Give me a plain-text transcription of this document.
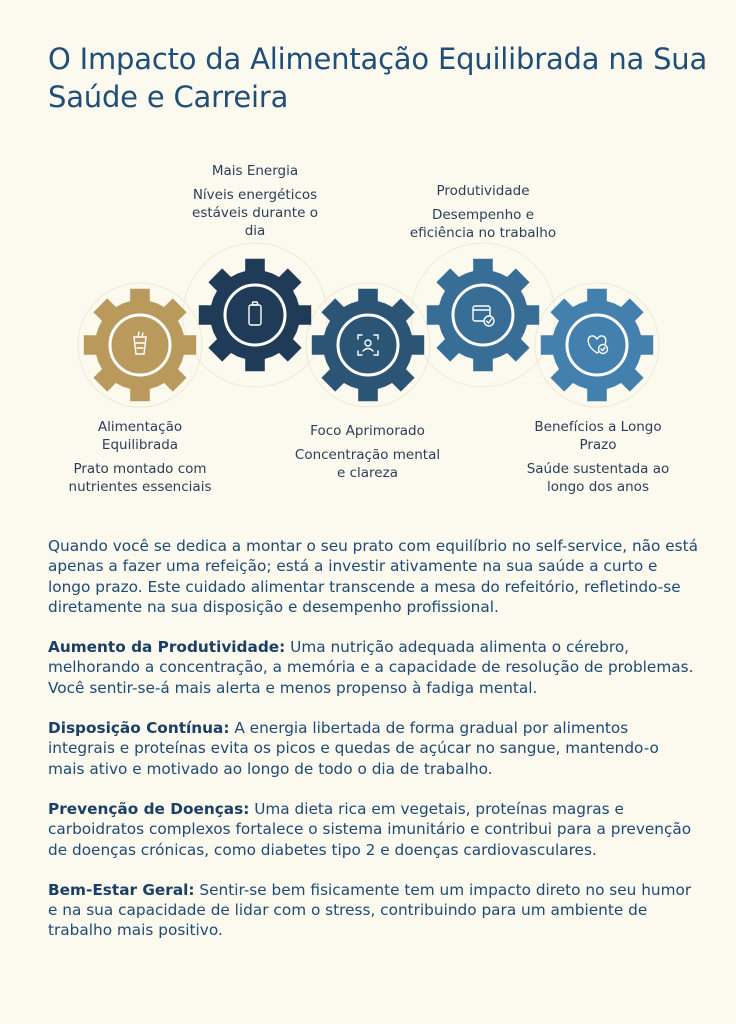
O Impacto da Alimentação Equilibrada na Sua Saúde e Carreira
Alimentação Equilibrada
Prato montado com nutrientes essenciais
Mais Energia
Níveis energéticos estáveis durante o dia
Foco Aprimorado
Concentração mental e clareza
Produtividade
Desempenho e eficiência no trabalho
Benefícios a Longo Prazo
Saúde sustentada ao longo dos anos

Quando você se dedica a montar o seu prato com equilíbrio no self-service, não está apenas a fazer uma refeição; está a investir ativamente na sua saúde a curto e longo prazo. Este cuidado alimentar transcende a mesa do refeitório, refletindo-se diretamente na sua disposição e desempenho profissional.

Aumento da Produtividade: Uma nutrição adequada alimenta o cérebro, melhorando a concentração, a memória e a capacidade de resolução de problemas. Você sentir-se-á mais alerta e menos propenso à fadiga mental.

Disposição Contínua: A energia libertada de forma gradual por alimentos integrais e proteínas evita os picos e quedas de açúcar no sangue, mantendo-o mais ativo e motivado ao longo de todo o dia de trabalho.

Prevenção de Doenças: Uma dieta rica em vegetais, proteínas magras e carboidratos complexos fortalece o sistema imunitário e contribui para a prevenção de doenças crónicas, como diabetes tipo 2 e doenças cardiovasculares.

Bem-Estar Geral: Sentir-se bem fisicamente tem um impacto direto no seu humor e na sua capacidade de lidar com o stress, contribuindo para um ambiente de trabalho mais positivo.
